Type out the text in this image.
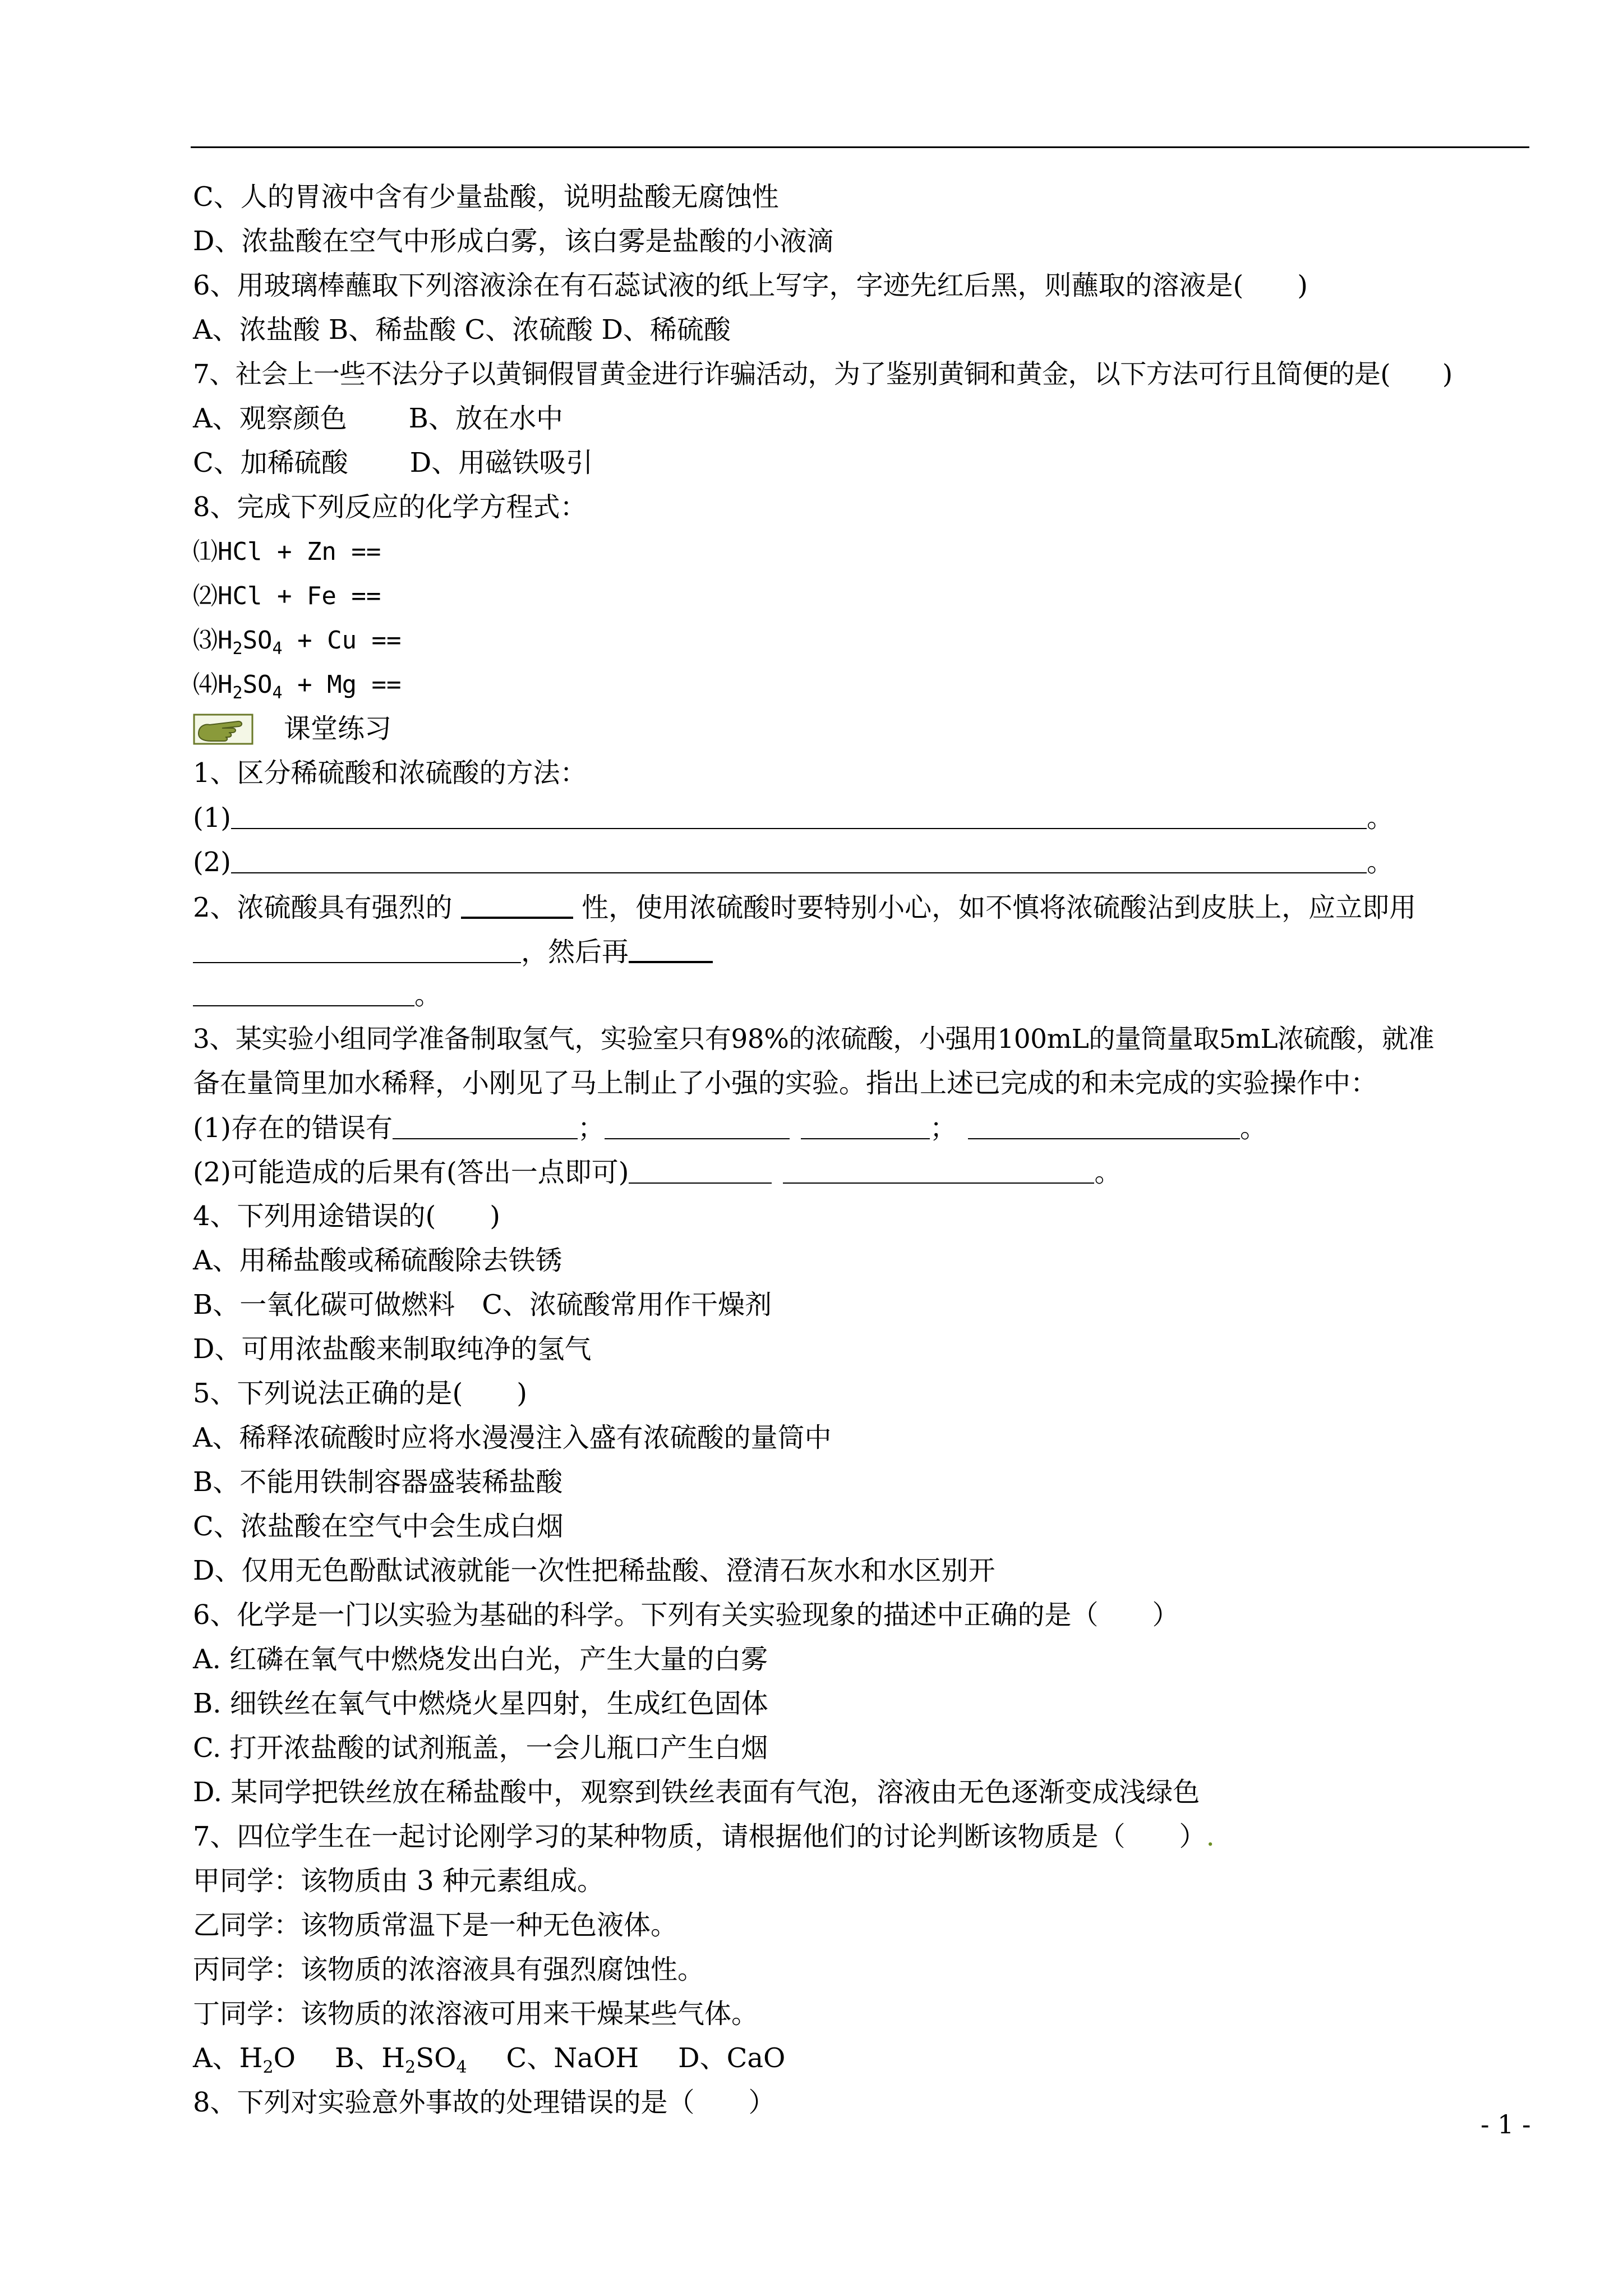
C、人的胃液中含有少量盐酸，说明盐酸无腐蚀性
D、浓盐酸在空气中形成白雾，该白雾是盐酸的小液滴
6、用玻璃棒蘸取下列溶液涂在有石蕊试液的纸上写字，字迹先红后黑，则蘸取的溶液是(　　)
A、浓盐酸 B、稀盐酸 C、浓硫酸 D、稀硫酸
7、社会上一些不法分子以黄铜假冒黄金进行诈骗活动，为了鉴别黄铜和黄金，以下方法可行且简便的是(　　)
A、观察颜色 B、放在水中
C、加稀硫酸 D、用磁铁吸引
8、完成下列反应的化学方程式：
⑴HCl + Zn ==
⑵HCl + Fe ==
$⑶H_2SO_4 + Cu$ ==
$⑷H_2SO_4 + Mg$ ==
课堂练习
1、区分稀硫酸和浓硫酸的方法：
(1)	。
(2)	。
2、浓硫酸具有强烈的	性，使用浓硫酸时要特别小心，如不慎将浓硫酸沾到皮肤上，应立即用
，然后再
。
3、某实验小组同学准备制取氢气，实验室只有98%的浓硫酸，小强用100mL的量筒量取5mL浓硫酸，就准
备在量筒里加水稀释，小刚见了马上制止了小强的实验。指出上述已完成的和未完成的实验操作中：
(1)存在的错误有	；	；	。
(2)可能造成的后果有(答出一点即可)	。
4、下列用途错误的(　　)
A、用稀盐酸或稀硫酸除去铁锈
B、一氧化碳可做燃料　C、浓硫酸常用作干燥剂
D、可用浓盐酸来制取纯净的氢气
5、下列说法正确的是(　　)
A、稀释浓硫酸时应将水漫漫注入盛有浓硫酸的量筒中
B、不能用铁制容器盛装稀盐酸
C、浓盐酸在空气中会生成白烟
D、仅用无色酚酞试液就能一次性把稀盐酸、澄清石灰水和水区别开
6、化学是一门以实验为基础的科学。下列有关实验现象的描述中正确的是（　　）
A. 红磷在氧气中燃烧发出白光，产生大量的白雾
B. 细铁丝在氧气中燃烧火星四射，生成红色固体
C. 打开浓盐酸的试剂瓶盖，一会儿瓶口产生白烟
D. 某同学把铁丝放在稀盐酸中，观察到铁丝表面有气泡，溶液由无色逐渐变成浅绿色
7、四位学生在一起讨论刚学习的某种物质，请根据他们的讨论判断该物质是（　　）.
甲同学：该物质由 3 种元素组成。
乙同学：该物质常温下是一种无色液体。
丙同学：该物质的浓溶液具有强烈腐蚀性。
丁同学：该物质的浓溶液可用来干燥某些气体。
A、$H_2O$ B、$H_2SO_4$ C、NaOH D、CaO
8、下列对实验意外事故的处理错误的是（　　）
- 1 -
